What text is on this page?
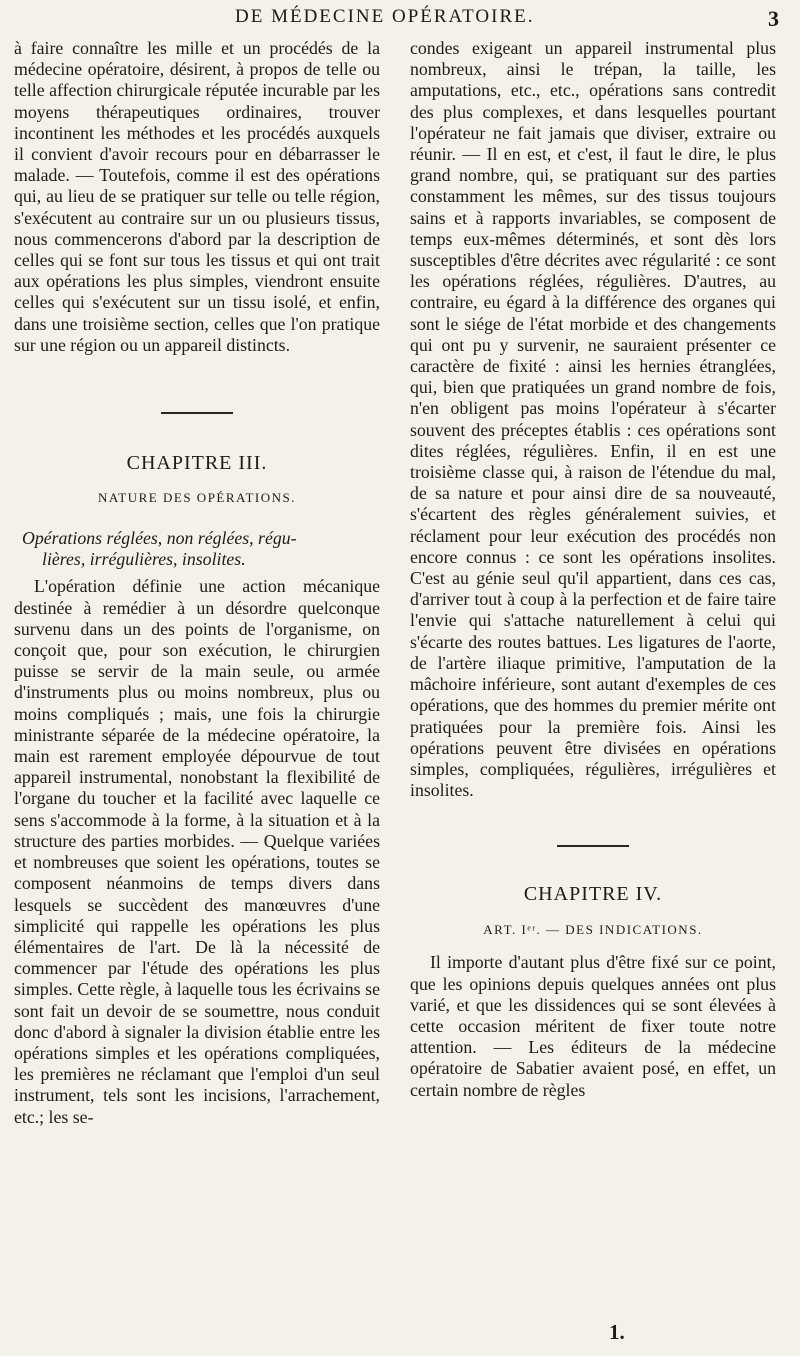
DE MÉDECINE OPÉRATOIRE.	3

à faire connaître les mille et un procédés de la médecine opératoire, désirent, à propos de telle ou telle affection chirurgicale réputée incurable par les moyens thérapeutiques ordinaires, trouver incontinent les méthodes et les procédés auxquels il convient d'avoir recours pour en débarrasser le malade. — Toutefois, comme il est des opérations qui, au lieu de se pratiquer sur telle ou telle région, s'exécutent au contraire sur un ou plusieurs tissus, nous commencerons d'abord par la description de celles qui se font sur tous les tissus et qui ont trait aux opérations les plus simples, viendront ensuite celles qui s'exécutent sur un tissu isolé, et enfin, dans une troisième section, celles que l'on pratique sur une région ou un appareil distincts.

CHAPITRE III.
NATURE DES OPÉRATIONS.

Opérations réglées, non réglées, régu-

lières, irrégulières, insolites.

L'opération définie une action mécanique destinée à remédier à un désordre quelconque survenu dans un des points de l'organisme, on conçoit que, pour son exécution, le chirurgien puisse se servir de la main seule, ou armée d'instruments plus ou moins nombreux, plus ou moins compliqués ; mais, une fois la chirurgie ministrante séparée de la médecine opératoire, la main est rarement employée dépourvue de tout appareil instrumental, nonobstant la flexibilité de l'organe du toucher et la facilité avec laquelle ce sens s'accommode à la forme, à la situation et à la structure des parties morbides. — Quelque variées et nombreuses que soient les opérations, toutes se composent néanmoins de temps divers dans lesquels se succèdent des manœuvres d'une simplicité qui rappelle les opérations les plus élémentaires de l'art. De là la nécessité de commencer par l'étude des opérations les plus simples. Cette règle, à laquelle tous les écrivains se sont fait un devoir de se soumettre, nous conduit donc d'abord à signaler la division établie entre les opérations simples et les opérations compliquées, les premières ne réclamant que l'emploi d'un seul instrument, tels sont les incisions, l'arrachement, etc.; les se-

condes exigeant un appareil instrumental plus nombreux, ainsi le trépan, la taille, les amputations, etc., etc., opérations sans contredit des plus complexes, et dans lesquelles pourtant l'opérateur ne fait jamais que diviser, extraire ou réunir. — Il en est, et c'est, il faut le dire, le plus grand nombre, qui, se pratiquant sur des parties constamment les mêmes, sur des tissus toujours sains et à rapports invariables, se composent de temps eux-mêmes déterminés, et sont dès lors susceptibles d'être décrites avec régularité : ce sont les opérations réglées, régulières. D'autres, au contraire, eu égard à la différence des organes qui sont le siége de l'état morbide et des changements qui ont pu y survenir, ne sauraient présenter ce caractère de fixité : ainsi les hernies étranglées, qui, bien que pratiquées un grand nombre de fois, n'en obligent pas moins l'opérateur à s'écarter souvent des préceptes établis : ces opérations sont dites réglées, régulières. Enfin, il en est une troisième classe qui, à raison de l'étendue du mal, de sa nature et pour ainsi dire de sa nouveauté, s'écartent des règles généralement suivies, et réclament pour leur exécution des procédés non encore connus : ce sont les opérations insolites. C'est au génie seul qu'il appartient, dans ces cas, d'arriver tout à coup à la perfection et de faire taire l'envie qui s'attache naturellement à celui qui s'écarte des routes battues. Les ligatures de l'aorte, de l'artère iliaque primitive, l'amputation de la mâchoire inférieure, sont autant d'exemples de ces opérations, que des hommes du premier mérite ont pratiquées pour la première fois. Ainsi les opérations peuvent être divisées en opérations simples, compliquées, régulières, irrégulières et insolites.

CHAPITRE IV.
ART. Iᵉʳ. — DES INDICATIONS.

Il importe d'autant plus d'être fixé sur ce point, que les opinions depuis quelques années ont plus varié, et que les dissidences qui se sont élevées à cette occasion méritent de fixer toute notre attention. — Les éditeurs de la médecine opératoire de Sabatier avaient posé, en effet, un certain nombre de règles

1.
